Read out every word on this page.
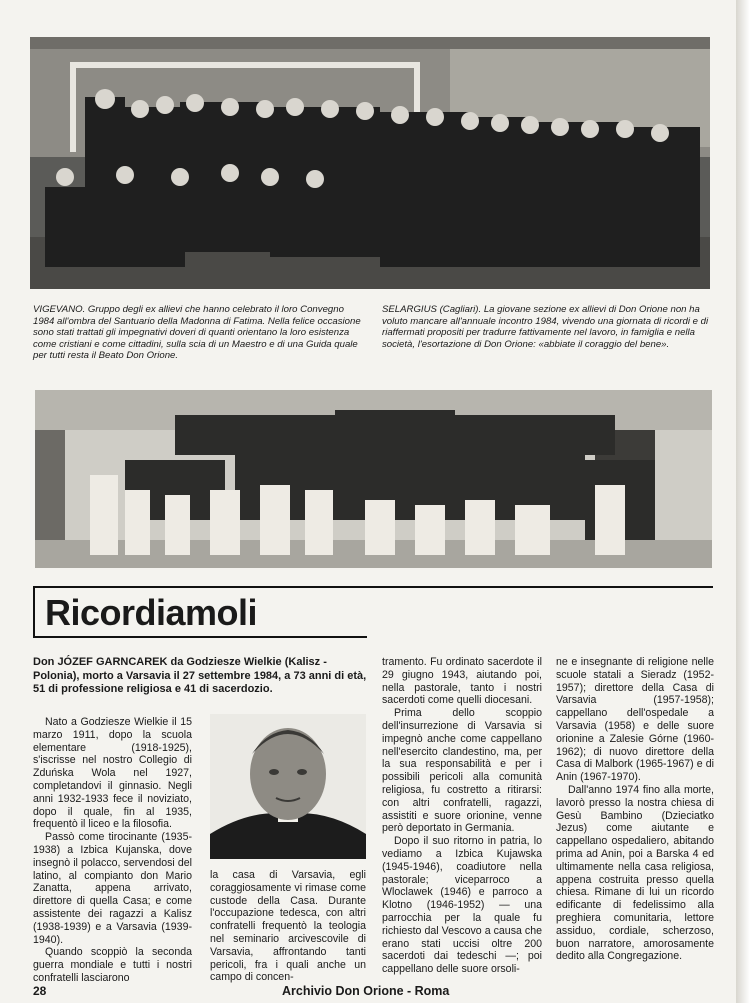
VIGEVANO. Gruppo degli ex allievi che hanno celebrato il loro Convegno 1984 all'ombra del Santuario della Madonna di Fatima. Nella felice occasione sono stati trattati gli impegnativi doveri di quanti orientano la loro esistenza come cristiani e come cittadini, sulla scia di un Maestro e di una Guida quale per tutti resta il Beato Don Orione.

SELARGIUS (Cagliari). La giovane sezione ex allievi di Don Orione non ha voluto mancare all'annuale incontro 1984, vivendo una giornata di ricordi e di riaffermati propositi per tradurre fattivamente nel lavoro, in famiglia e nella società, l'esortazione di Don Orione: «abbiate il coraggio del bene».

Ricordiamoli

Don JÓZEF GARNCAREK da Godziesze Wielkie (Kalisz - Polonia), morto a Varsavia il 27 settembre 1984, a 73 anni di età, 51 di professione religiosa e 41 di sacerdozio.

Nato a Godziesze Wielkie il 15 marzo 1911, dopo la scuola elementare (1918-1925), s'iscrisse nel nostro Collegio di Zduńska Wola nel 1927, completandovi il ginnasio. Negli anni 1932-1933 fece il noviziato, dopo il quale, fin al 1935, frequentò il liceo e la filosofia.

Passò come tirocinante (1935-1938) a Izbica Kujanska, dove insegnò il polacco, servendosi del latino, al compianto don Mario Zanatta, appena arrivato, direttore di quella Casa; e come assistente dei ragazzi a Kalisz (1938-1939) e a Varsavia (1939-1940).

Quando scoppiò la seconda guerra mondiale e tutti i nostri confratelli lasciarono

la casa di Varsavia, egli coraggiosamente vi rimase come custode della Casa. Durante l'occupazione tedesca, con altri confratelli frequentò la teologia nel seminario arcivescovile di Varsavia, affrontando tanti pericoli, fra i quali anche un campo di concen-

tramento. Fu ordinato sacerdote il 29 giugno 1943, aiutando poi, nella pastorale, tanto i nostri sacerdoti come quelli diocesani.

Prima dello scoppio dell'insurrezione di Varsavia si impegnò anche come cappellano nell'esercito clandestino, ma, per la sua responsabilità e per i possibili pericoli alla comunità religiosa, fu costretto a ritirarsi: con altri confratelli, ragazzi, assistiti e suore orionine, venne però deportato in Germania.

Dopo il suo ritorno in patria, lo vediamo a Izbica Kujawska (1945-1946), coadiutore nella pastorale; viceparroco a Wloclawek (1946) e parroco a Klotno (1946-1952) — una parrocchia per la quale fu richiesto dal Vescovo a causa che erano stati uccisi oltre 200 sacerdoti dai tedeschi —; poi cappellano delle suore orsoli-

ne e insegnante di religione nelle scuole statali a Sieradz (1952-1957); direttore della Casa di Varsavia (1957-1958); cappellano dell'ospedale a Varsavia (1958) e delle suore orionine a Zalesie Górne (1960-1962); di nuovo direttore della Casa di Malbork (1965-1967) e di Anin (1967-1970).

Dall'anno 1974 fino alla morte, lavorò presso la nostra chiesa di Gesù Bambino (Dzieciatko Jezus) come aiutante e cappellano ospedaliero, abitando prima ad Anin, poi a Barska 4 ed ultimamente nella casa religiosa, appena costruita presso quella chiesa. Rimane di lui un ricordo edificante di fedelissimo alla preghiera comunitaria, lettore assiduo, cordiale, scherzoso, buon narratore, amorosamente dedito alla Congregazione.

28	Archivio Don Orione - Roma
